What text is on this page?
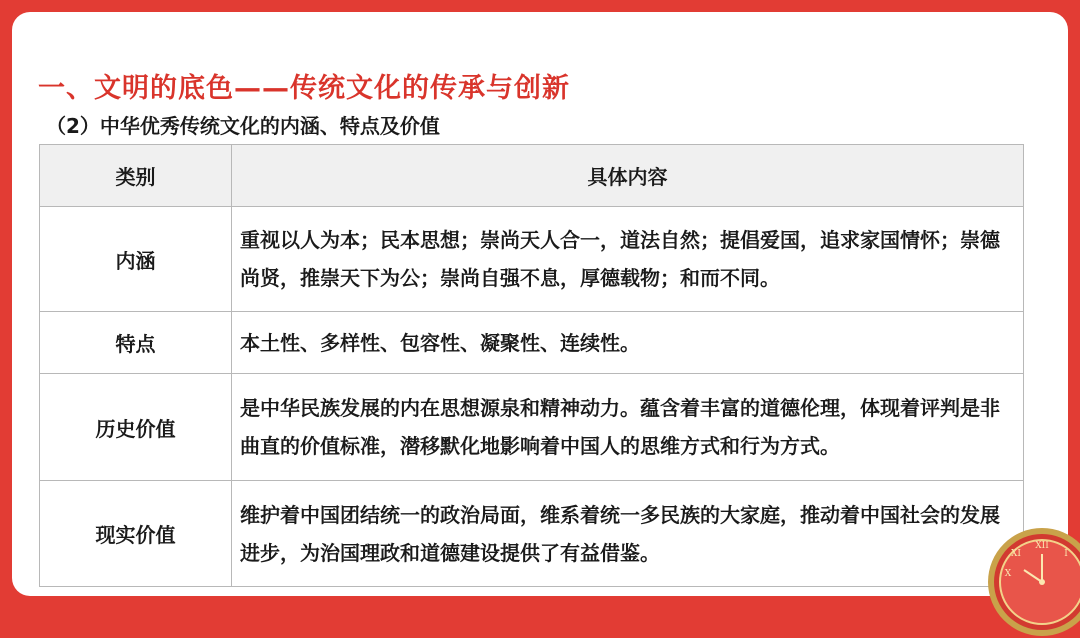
一、文明的底色——传统文化的传承与创新
（2）中华优秀传统文化的内涵、特点及价值
类别	具体内容
内涵	重视以人为本；民本思想；崇尚天人合一，道法自然；提倡爱国，追求家国情怀；崇德尚贤，推崇天下为公；崇尚自强不息，厚德载物；和而不同。
特点	本土性、多样性、包容性、凝聚性、连续性。
历史价值	是中华民族发展的内在思想源泉和精神动力。蕴含着丰富的道德伦理，体现着评判是非曲直的价值标准，潜移默化地影响着中国人的思维方式和行为方式。
现实价值	维护着中国团结统一的政治局面，维系着统一多民族的大家庭，推动着中国社会的发展进步，为治国理政和道德建设提供了有益借鉴。	XII
I
XI
X
